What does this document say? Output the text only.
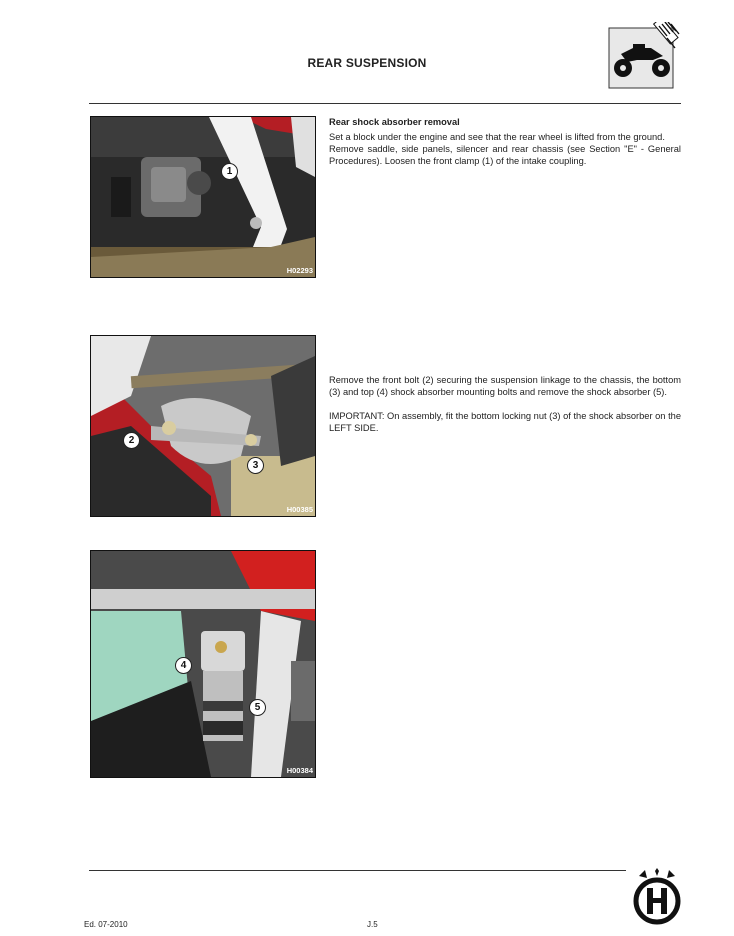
REAR SUSPENSION
1
H02293

Rear shock absorber removal

Set a block under the engine and see that the rear wheel is lifted from the ground.

Remove saddle, side panels, silencer and rear chassis (see Section "E" - General Procedures). Loosen the front clamp (1) of the intake coupling.

2
3
H00385

Remove the front bolt (2) securing the suspension linkage to the chassis, the bottom (3) and top (4) shock absorber mounting bolts and remove the shock absorber (5).

IMPORTANT: On assembly, fit the bottom locking nut (3) of the shock absorber on the LEFT SIDE.

4
5
H00384
Ed. 07-2010	J.5
